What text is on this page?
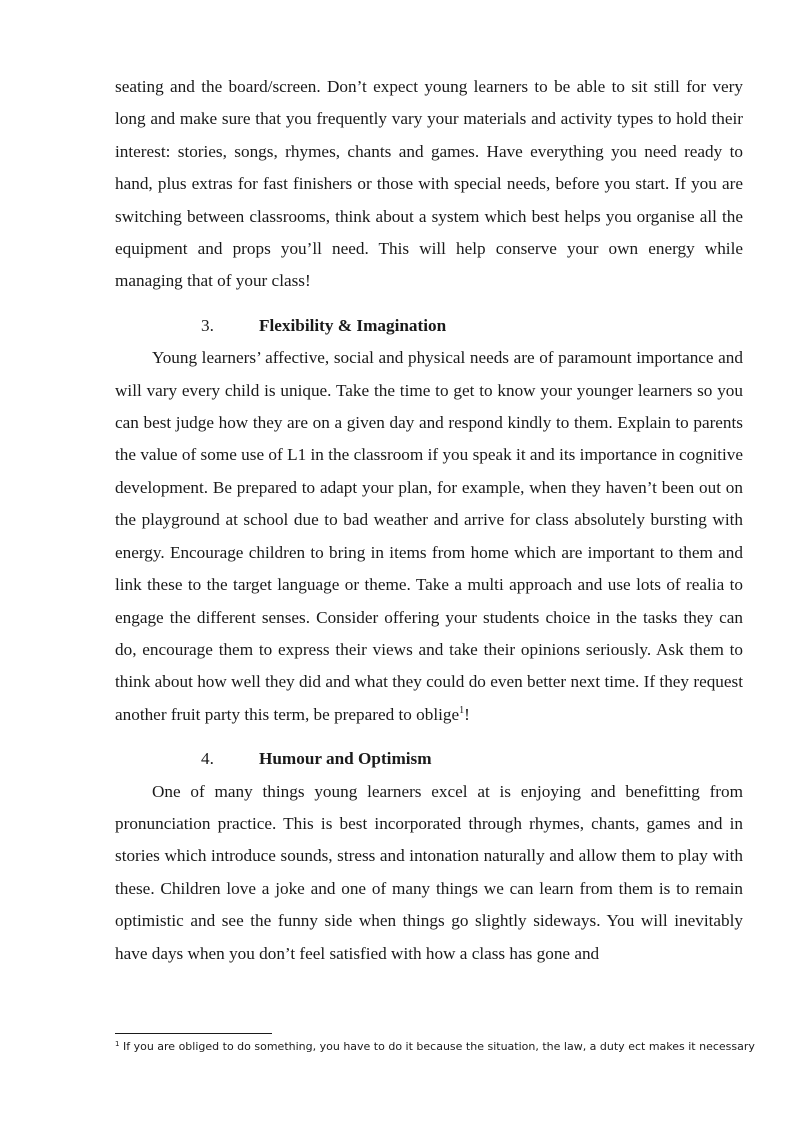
seating and the board/screen. Don’t expect young learners to be able to sit still for very long and make sure that you frequently vary your materials and activity types to hold their interest: stories, songs, rhymes, chants and games. Have everything you need ready to hand, plus extras for fast finishers or those with special needs, before you start. If you are switching between classrooms, think about a system which best helps you organise all the equipment and props you’ll need. This will help conserve your own energy while managing that of your class!

3.	Flexibility & Imagination

Young learners’ affective, social and physical needs are of paramount importance and will vary every child is unique. Take the time to get to know your younger learners so you can best judge how they are on a given day and respond kindly to them. Explain to parents the value of some use of L1 in the classroom if you speak it and its importance in cognitive development. Be prepared to adapt your plan, for example, when they haven’t been out on the playground at school due to bad weather and arrive for class absolutely bursting with energy. Encourage children to bring in items from home which are important to them and link these to the target language or theme. Take a multi approach and use lots of realia to engage the different senses. Consider offering your students choice in the tasks they can do, encourage them to express their views and take their opinions seriously. Ask them to think about how well they did and what they could do even better next time. If they request another fruit party this term, be prepared to oblige$^1$!

4.	Humour and Optimism

One of many things young learners excel at is enjoying and benefitting from pronunciation practice. This is best incorporated through rhymes, chants, games and in stories which introduce sounds, stress and intonation naturally and allow them to play with these. Children love a joke and one of many things we can learn from them is to remain optimistic and see the funny side when things go slightly sideways. You will inevitably have days when you don’t feel satisfied with how a class has gone and

$^1$ If you are obliged to do something, you have to do it because the situation, the law, a duty ect makes it necessary
